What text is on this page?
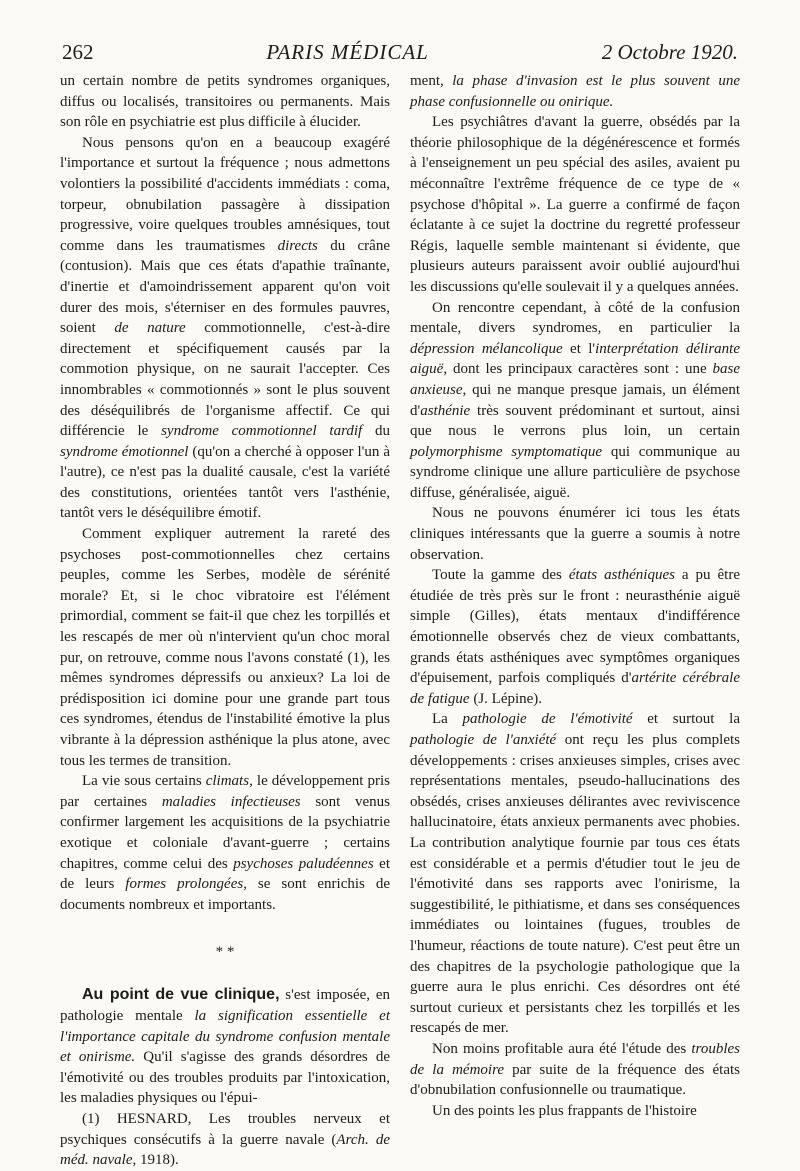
262	PARIS MÉDICAL	2 Octobre 1920.

un certain nombre de petits syndromes organiques, diffus ou localisés, transitoires ou permanents. Mais son rôle en psychiatrie est plus difficile à élucider.

Nous pensons qu'on en a beaucoup exagéré l'importance et surtout la fréquence ; nous admettons volontiers la possibilité d'accidents immédiats : coma, torpeur, obnubilation passagère à dissipation progressive, voire quelques troubles amnésiques, tout comme dans les traumatismes directs du crâne (contusion). Mais que ces états d'apathie traînante, d'inertie et d'amoindrissement apparent qu'on voit durer des mois, s'éterniser en des formules pauvres, soient de nature commotionnelle, c'est-à-dire directement et spécifiquement causés par la commotion physique, on ne saurait l'accepter. Ces innombrables « commotionnés » sont le plus souvent des déséquilibrés de l'organisme affectif. Ce qui différencie le syndrome commotionnel tardif du syndrome émotionnel (qu'on a cherché à opposer l'un à l'autre), ce n'est pas la dualité causale, c'est la variété des constitutions, orientées tantôt vers l'asthénie, tantôt vers le déséquilibre émotif.

Comment expliquer autrement la rareté des psychoses post-commotionnelles chez certains peuples, comme les Serbes, modèle de sérénité morale? Et, si le choc vibratoire est l'élément primordial, comment se fait-il que chez les torpillés et les rescapés de mer où n'intervient qu'un choc moral pur, on retrouve, comme nous l'avons constaté (1), les mêmes syndromes dépressifs ou anxieux? La loi de prédisposition ici domine pour une grande part tous ces syndromes, étendus de l'instabilité émotive la plus vibrante à la dépression asthénique la plus atone, avec tous les termes de transition.

La vie sous certains climats, le développement pris par certaines maladies infectieuses sont venus confirmer largement les acquisitions de la psychiatrie exotique et coloniale d'avant-guerre ; certains chapitres, comme celui des psychoses paludéennes et de leurs formes prolongées, se sont enrichis de documents nombreux et importants.

* *

Au point de vue clinique, s'est imposée, en pathologie mentale la signification essentielle et l'importance capitale du syndrome confusion mentale et onirisme. Qu'il s'agisse des grands désordres de l'émotivité ou des troubles produits par l'intoxication, les maladies physiques ou l'épui-

(1) HESNARD, Les troubles nerveux et psychiques consécutifs à la guerre navale (Arch. de méd. navale, 1918).

ment, la phase d'invasion est le plus souvent une phase confusionnelle ou onirique.

Les psychiâtres d'avant la guerre, obsédés par la théorie philosophique de la dégénérescence et formés à l'enseignement un peu spécial des asiles, avaient pu méconnaître l'extrême fréquence de ce type de « psychose d'hôpital ». La guerre a confirmé de façon éclatante à ce sujet la doctrine du regretté professeur Régis, laquelle semble maintenant si évidente, que plusieurs auteurs paraissent avoir oublié aujourd'hui les discussions qu'elle soulevait il y a quelques années.

On rencontre cependant, à côté de la confusion mentale, divers syndromes, en particulier la dépression mélancolique et l'interprétation délirante aiguë, dont les principaux caractères sont : une base anxieuse, qui ne manque presque jamais, un élément d'asthénie très souvent prédominant et surtout, ainsi que nous le verrons plus loin, un certain polymorphisme symptomatique qui communique au syndrome clinique une allure particulière de psychose diffuse, généralisée, aiguë.

Nous ne pouvons énumérer ici tous les états cliniques intéressants que la guerre a soumis à notre observation.

Toute la gamme des états asthéniques a pu être étudiée de très près sur le front : neurasthénie aiguë simple (Gilles), états mentaux d'indifférence émotionnelle observés chez de vieux combattants, grands états asthéniques avec symptômes organiques d'épuisement, parfois compliqués d'artérite cérébrale de fatigue (J. Lépine).

La pathologie de l'émotivité et surtout la pathologie de l'anxiété ont reçu les plus complets développements : crises anxieuses simples, crises avec représentations mentales, pseudo-hallucinations des obsédés, crises anxieuses délirantes avec reviviscence hallucinatoire, états anxieux permanents avec phobies. La contribution analytique fournie par tous ces états est considérable et a permis d'étudier tout le jeu de l'émotivité dans ses rapports avec l'onirisme, la suggestibilité, le pithiatisme, et dans ses conséquences immédiates ou lointaines (fugues, troubles de l'humeur, réactions de toute nature). C'est peut être un des chapitres de la psychologie pathologique que la guerre aura le plus enrichi. Ces désordres ont été surtout curieux et persistants chez les torpillés et les rescapés de mer.

Non moins profitable aura été l'étude des troubles de la mémoire par suite de la fréquence des états d'obnubilation confusionnelle ou traumatique.

Un des points les plus frappants de l'histoire
